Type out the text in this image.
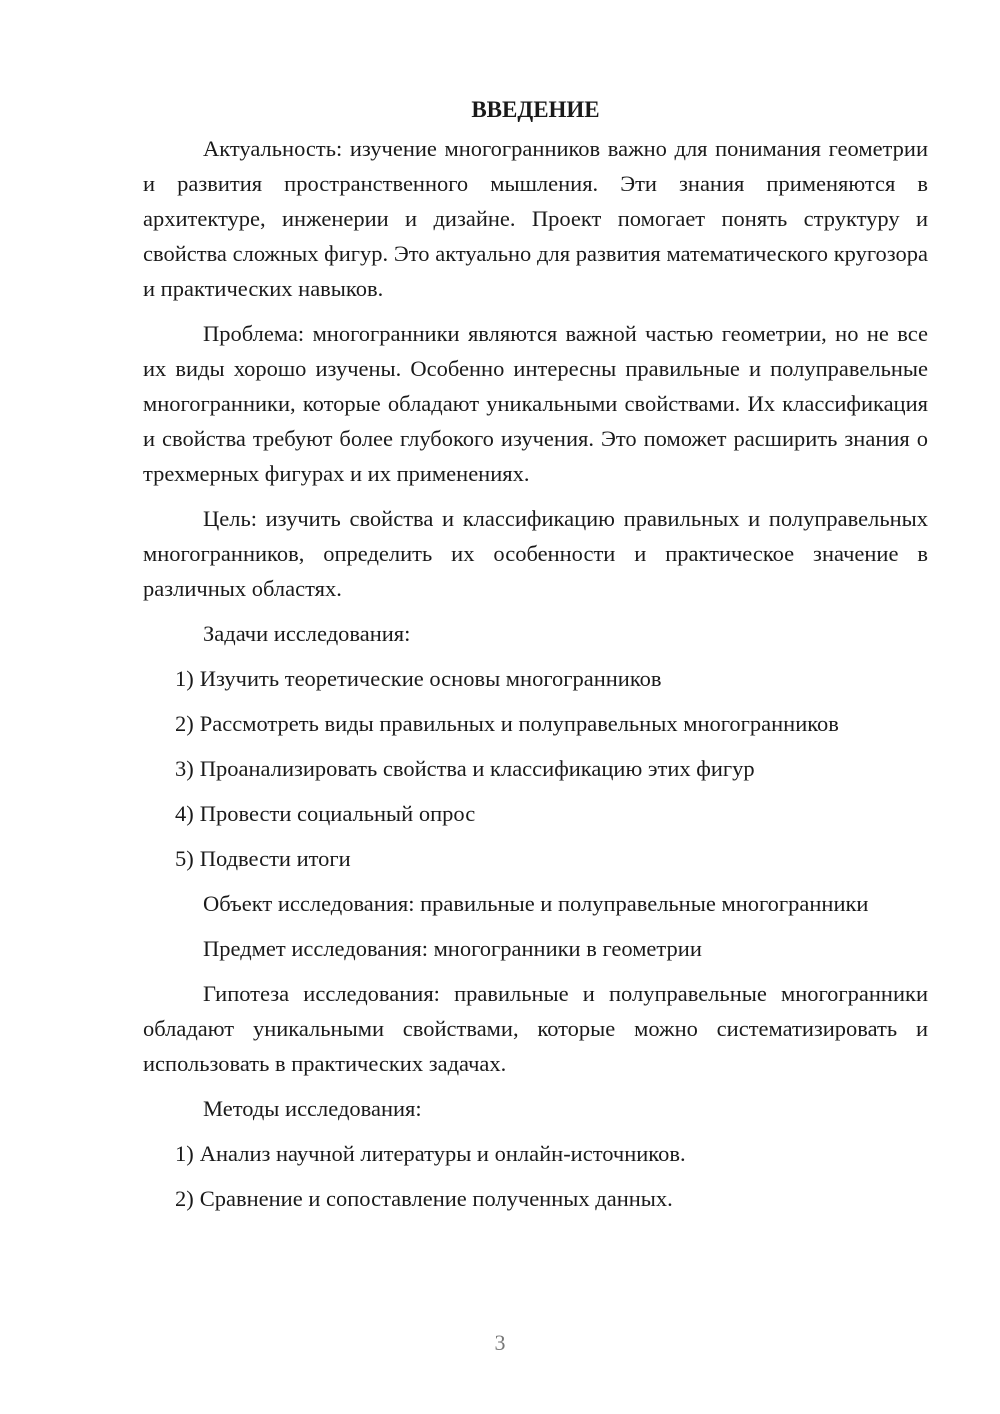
ВВЕДЕНИЕ

Актуальность: изучение многогранников важно для понимания геометрии и развития пространственного мышления. Эти знания применяются в архитектуре, инженерии и дизайне. Проект помогает понять структуру и свойства сложных фигур. Это актуально для развития математического кругозора и практических навыков.

Проблема: многогранники являются важной частью геометрии, но не все их виды хорошо изучены. Особенно интересны правильные и полуправельные многогранники, которые обладают уникальными свойствами. Их классификация и свойства требуют более глубокого изучения. Это поможет расширить знания о трехмерных фигурах и их применениях.

Цель: изучить свойства и классификацию правильных и полуправельных многогранников, определить их особенности и практическое значение в различных областях.

Задачи исследования:
1) Изучить теоретические основы многогранников
2) Рассмотреть виды правильных и полуправельных многогранников
3) Проанализировать свойства и классификацию этих фигур
4) Провести социальный опрос
5) Подвести итоги

Объект исследования: правильные и полуправельные многогранники

Предмет исследования: многогранники в геометрии

Гипотеза исследования: правильные и полуправельные многогранники обладают уникальными свойствами, которые можно систематизировать и использовать в практических задачах.

Методы исследования:
1) Анализ научной литературы и онлайн-источников.
2) Сравнение и сопоставление полученных данных.
3
